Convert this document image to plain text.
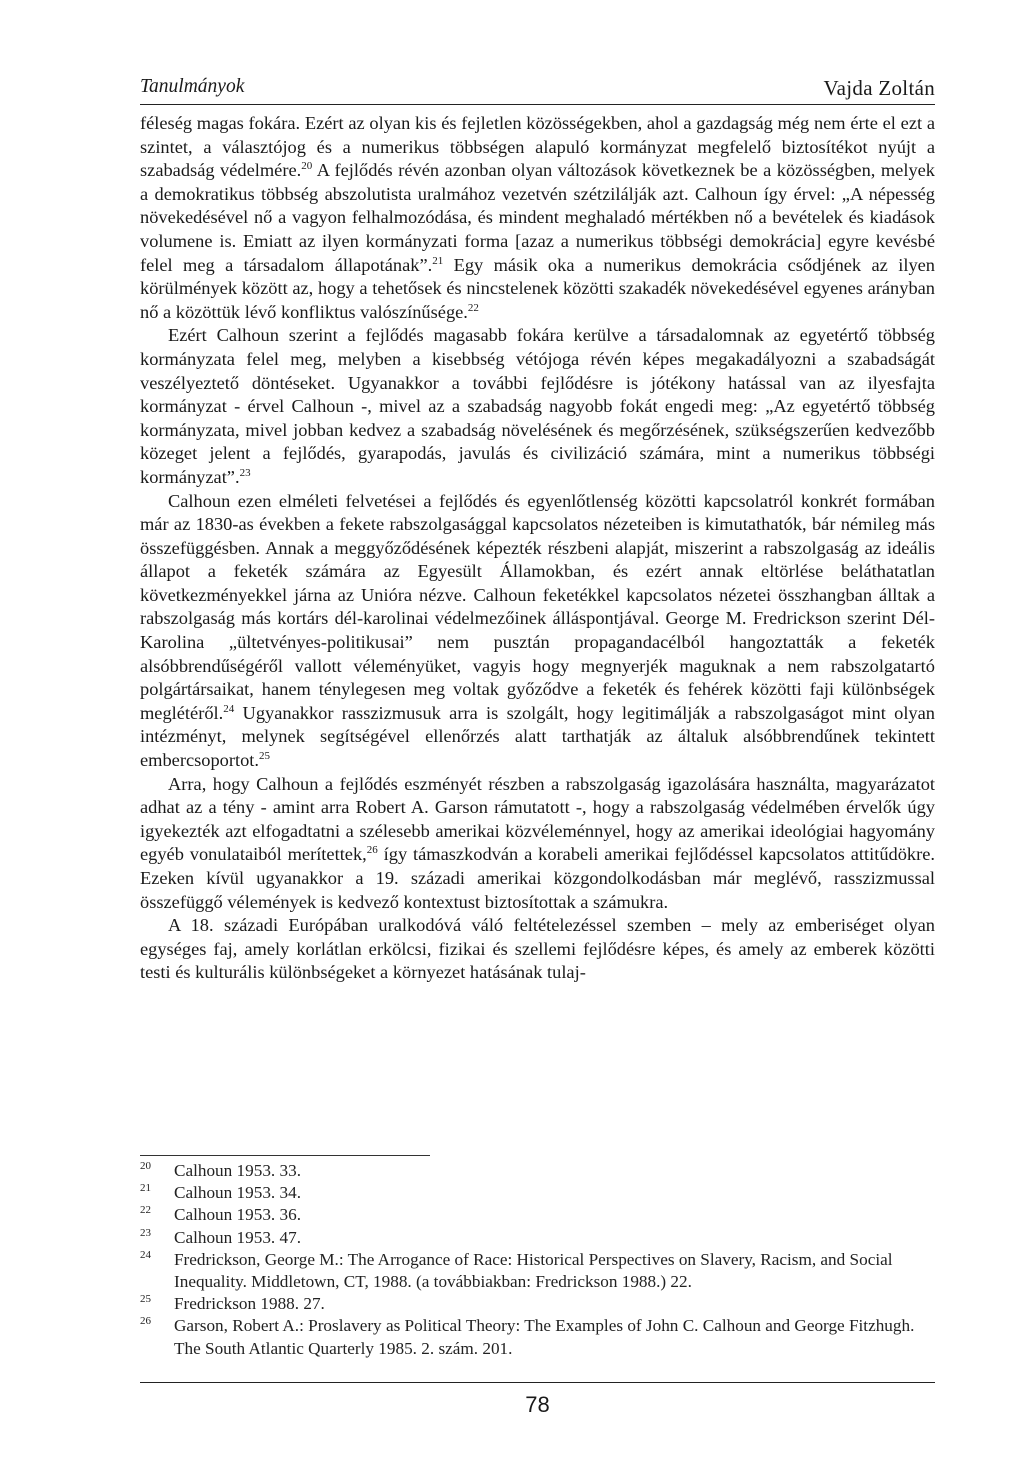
Tanulmányok	Vajda Zoltán

féleség magas fokára. Ezért az olyan kis és fejletlen közösségekben, ahol a gazdagság még nem érte el ezt a szintet, a választójog és a numerikus többségen alapuló kormányzat megfelelő biztosítékot nyújt a szabadság védelmére.$^{20}$ A fejlődés révén azonban olyan változások következnek be a közösségben, melyek a demokratikus többség abszolutista uralmához vezetvén szétzilálják azt. Calhoun így érvel: „A népesség növekedésével nő a vagyon felhalmozódása, és mindent meghaladó mértékben nő a bevételek és kiadások volumene is. Emiatt az ilyen kormányzati forma [azaz a numerikus többségi demokrácia] egyre kevésbé felel meg a társadalom állapotának”.$^{21}$ Egy másik oka a numerikus demokrácia csődjének az ilyen körülmények között az, hogy a tehetősek és nincstelenek közötti szakadék növekedésével egyenes arányban nő a közöttük lévő konfliktus valószínűsége.$^{22}$

Ezért Calhoun szerint a fejlődés magasabb fokára kerülve a társadalomnak az egyetértő többség kormányzata felel meg, melyben a kisebbség vétójoga révén képes megakadályozni a szabadságát veszélyeztető döntéseket. Ugyanakkor a további fejlődésre is jótékony hatással van az ilyesfajta kormányzat - érvel Calhoun -, mivel az a szabadság nagyobb fokát engedi meg: „Az egyetértő többség kormányzata, mivel jobban kedvez a szabadság növelésének és megőrzésének, szükségszerűen kedvezőbb közeget jelent a fejlődés, gyarapodás, javulás és civilizáció számára, mint a numerikus többségi kormányzat”.$^{23}$

Calhoun ezen elméleti felvetései a fejlődés és egyenlőtlenség közötti kapcsolatról konkrét formában már az 1830-as években a fekete rabszolgasággal kapcsolatos nézeteiben is kimutathatók, bár némileg más összefüggésben. Annak a meggyőződésének képezték részbeni alapját, miszerint a rabszolgaság az ideális állapot a feketék számára az Egyesült Államokban, és ezért annak eltörlése beláthatatlan következményekkel járna az Unióra nézve. Calhoun feketékkel kapcsolatos nézetei összhangban álltak a rabszolgaság más kortárs dél-karolinai védelmezőinek álláspontjával. George M. Fredrickson szerint Dél-Karolina „ültetvényes-politikusai” nem pusztán propagandacélból hangoztatták a feketék alsóbbrendűségéről vallott véleményüket, vagyis hogy megnyerjék maguknak a nem rabszolgatartó polgártársaikat, hanem ténylegesen meg voltak győződve a feketék és fehérek közötti faji különbségek meglétéről.$^{24}$ Ugyanakkor rasszizmusuk arra is szolgált, hogy legitimálják a rabszolgaságot mint olyan intézményt, melynek segítségével ellenőrzés alatt tarthatják az általuk alsóbbrendűnek tekintett embercsoportot.$^{25}$

Arra, hogy Calhoun a fejlődés eszményét részben a rabszolgaság igazolására használta, magyarázatot adhat az a tény - amint arra Robert A. Garson rámutatott -, hogy a rabszolgaság védelmében érvelők úgy igyekezték azt elfogadtatni a szélesebb amerikai közvéleménnyel, hogy az amerikai ideológiai hagyomány egyéb vonulataiból merítettek,$^{26}$ így támaszkodván a korabeli amerikai fejlődéssel kapcsolatos attitűdökre. Ezeken kívül ugyanakkor a 19. századi amerikai közgondolkodásban már meglévő, rasszizmussal összefüggő vélemények is kedvező kontextust biztosítottak a számukra.

A 18. századi Európában uralkodóvá váló feltételezéssel szemben – mely az emberiséget olyan egységes faj, amely korlátlan erkölcsi, fizikai és szellemi fejlődésre képes, és amely az emberek közötti testi és kulturális különbségeket a környezet hatásának tulaj-

20 Calhoun 1953. 33.
21 Calhoun 1953. 34.
22 Calhoun 1953. 36.
23 Calhoun 1953. 47.
24 Fredrickson, George M.: The Arrogance of Race: Historical Perspectives on Slavery, Racism, and Social Inequality. Middletown, CT, 1988. (a továbbiakban: Fredrickson 1988.) 22.
25 Fredrickson 1988. 27.
26 Garson, Robert A.: Proslavery as Political Theory: The Examples of John C. Calhoun and George Fitzhugh. The South Atlantic Quarterly 1985. 2. szám. 201.
78
